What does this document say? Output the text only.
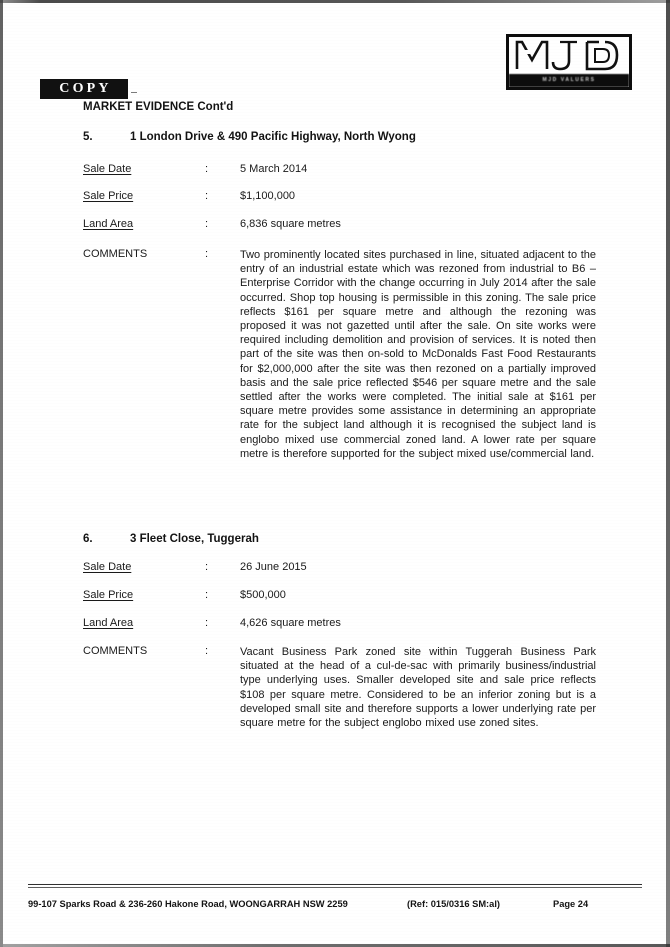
MJD VALUERS
COPY
MARKET EVIDENCE Cont'd
5.	1 London Drive & 490 Pacific Highway, North Wyong
Sale Date	:	5 March 2014
Sale Price	:	$1,100,000
Land Area	:	6,836 square metres
COMMENTS	:	Two prominently located sites purchased in line, situated adjacent to the entry of an industrial estate which was rezoned from industrial to B6 – Enterprise Corridor with the change occurring in July 2014 after the sale occurred. Shop top housing is permissible in this zoning. The sale price reflects $161 per square metre and although the rezoning was proposed it was not gazetted until after the sale. On site works were required including demolition and provision of services. It is noted then part of the site was then on-sold to McDonalds Fast Food Restaurants for $2,000,000 after the site was then rezoned on a partially improved basis and the sale price reflected $546 per square metre and the sale settled after the works were completed. The initial sale at $161 per square metre provides some assistance in determining an appropriate rate for the subject land although it is recognised the subject land is englobo mixed use commercial zoned land. A lower rate per square metre is therefore supported for the subject mixed use/commercial land.
6.	3 Fleet Close, Tuggerah
Sale Date	:	26 June 2015
Sale Price	:	$500,000
Land Area	:	4,626 square metres
COMMENTS	:	Vacant Business Park zoned site within Tuggerah Business Park situated at the head of a cul-de-sac with primarily business/industrial type underlying uses. Smaller developed site and sale price reflects $108 per square metre. Considered to be an inferior zoning but is a developed small site and therefore supports a lower underlying rate per square metre for the subject englobo mixed use zoned sites.
99-107 Sparks Road & 236-260 Hakone Road, WOONGARRAH NSW 2259	(Ref: 015/0316 SM:al)	Page 24
